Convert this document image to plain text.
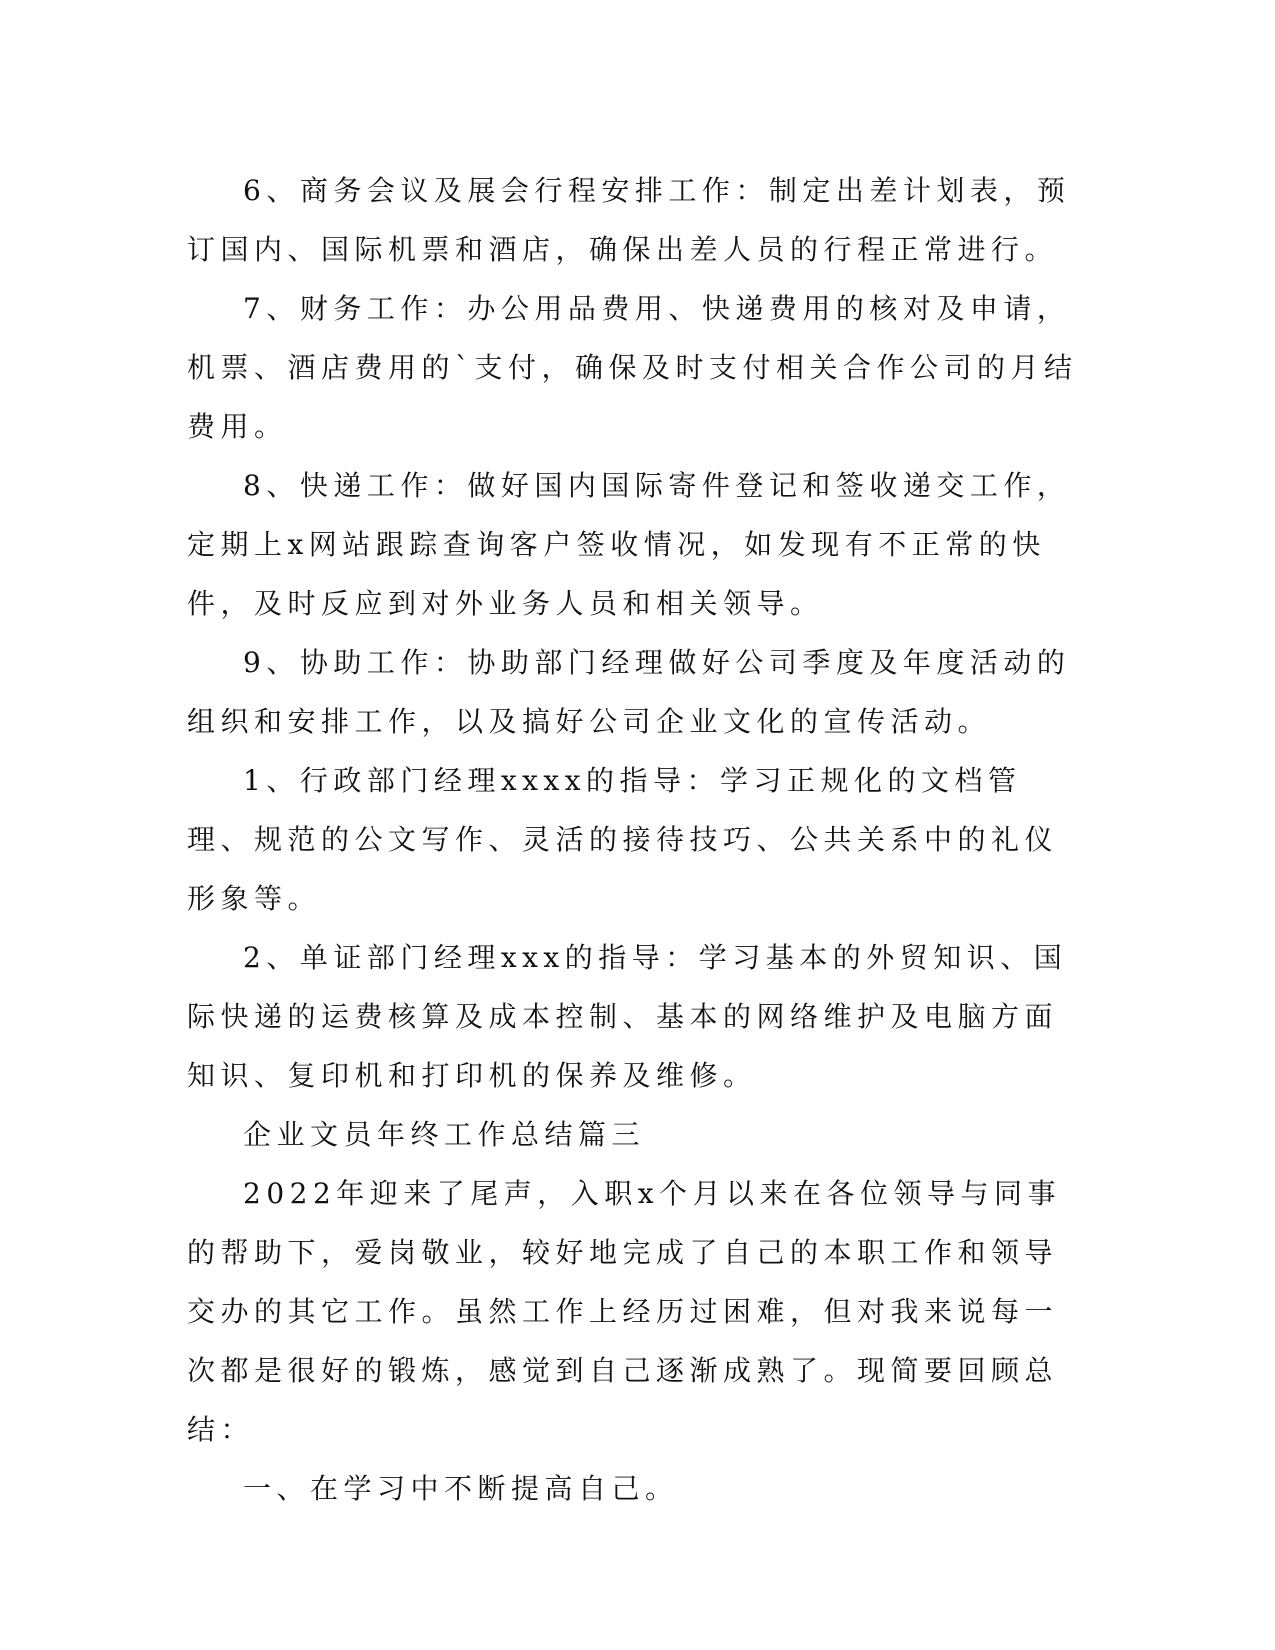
6、商务会议及展会行程安排工作：制定出差计划表，预订国内、国际机票和酒店，确保出差人员的行程正常进行。

7、财务工作：办公用品费用、快递费用的核对及申请，机票、酒店费用的`支付，确保及时支付相关合作公司的月结费用。

8、快递工作：做好国内国际寄件登记和签收递交工作，定期上x网站跟踪查询客户签收情况，如发现有不正常的快件，及时反应到对外业务人员和相关领导。

9、协助工作：协助部门经理做好公司季度及年度活动的组织和安排工作，以及搞好公司企业文化的宣传活动。

1、行政部门经理xxxx的指导：学习正规化的文档管理、规范的公文写作、灵活的接待技巧、公共关系中的礼仪形象等。

2、单证部门经理xxx的指导：学习基本的外贸知识、国际快递的运费核算及成本控制、基本的网络维护及电脑方面知识、复印机和打印机的保养及维修。

企业文员年终工作总结篇三

2022年迎来了尾声，入职x个月以来在各位领导与同事的帮助下，爱岗敬业，较好地完成了自己的本职工作和领导交办的其它工作。虽然工作上经历过困难，但对我来说每一次都是很好的锻炼，感觉到自己逐渐成熟了。现简要回顾总结：

一、在学习中不断提高自己。
